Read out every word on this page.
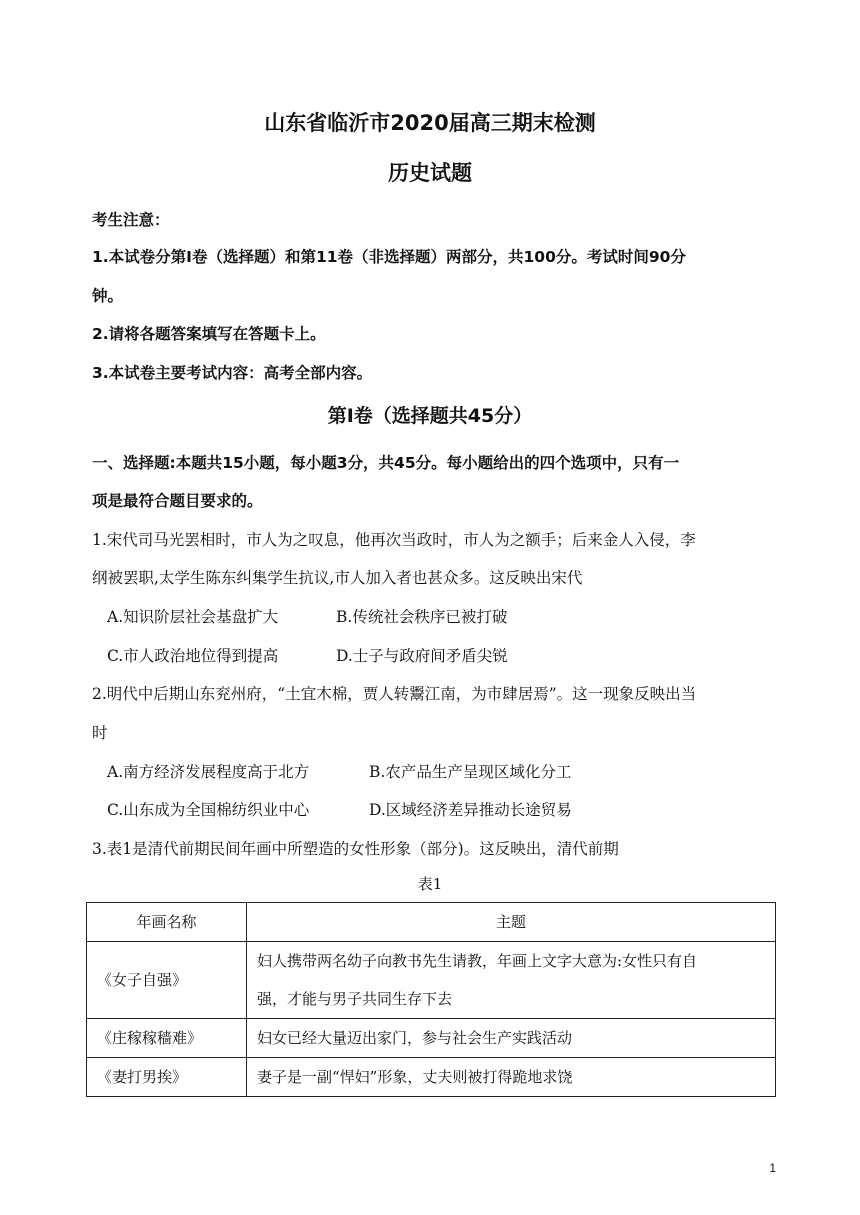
山东省临沂市2020届高三期末检测
历史试题
考生注意：
1.本试卷分第Ⅰ卷（选择题）和第11卷（非选择题）两部分，共100分。考试时间90分
钟。
2.请将各题答案填写在答题卡上。
3.本试卷主要考试内容：高考全部内容。
第Ⅰ卷（选择题共45分）
一、选择题:本题共15小题，每小题3分，共45分。每小题给出的四个选项中，只有一
项是最符合题目要求的。
1.宋代司马光罢相时，市人为之叹息，他再次当政时，市人为之额手；后来金人入侵，李
纲被罢职,太学生陈东纠集学生抗议,市人加入者也甚众多。这反映出宋代
A.知识阶层社会基盘扩大	B.传统社会秩序已被打破
C.市人政治地位得到提高	D.士子与政府间矛盾尖锐
2.明代中后期山东兖州府，“土宜木棉，贾人转鬻江南，为市肆居焉”。这一现象反映出当
时
A.南方经济发展程度高于北方	B.农产品生产呈现区域化分工
C.山东成为全国棉纺织业中心	D.区域经济差异推动长途贸易
3.表1是清代前期民间年画中所塑造的女性形象（部分)。这反映出，清代前期
表1
年画名称	主题
《女子自强》	妇人携带两名幼子向教书先生请教，年画上文字大意为:女性只有自
强，才能与男子共同生存下去

《庄稼稼穑难》	妇女已经大量迈出家门，参与社会生产实践活动
《妻打男挨》	妻子是一副“悍妇”形象，丈夫则被打得跪地求饶
1
